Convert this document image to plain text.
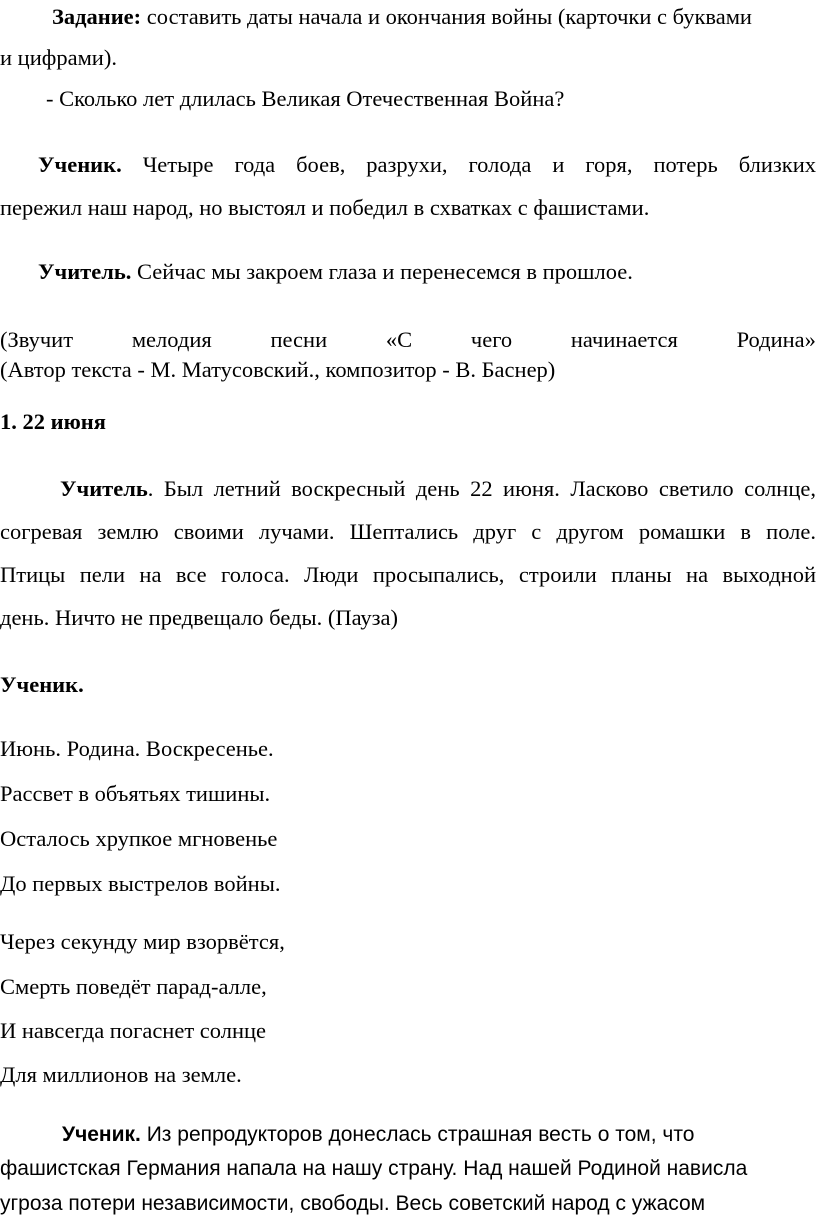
Задание: составить даты начала и окончания войны (карточки с буквами
и цифрами).
- Сколько лет длилась Великая Отечественная Война?
Ученик. Четыре года боев, разрухи, голода и горя, потерь близких
пережил наш народ, но выстоял и победил в схватках с фашистами.
Учитель. Сейчас мы закроем глаза и перенесемся в прошлое.
(Звучит	мелодия	песни	«С	чего	начинается	Родина»
(Автор текста - М. Матусовский., композитор - В. Баснер)
1. 22 июня
Учитель. Был летний воскресный день 22 июня. Ласково светило солнце,
согревая землю своими лучами. Шептались друг с другом ромашки в поле.
Птицы пели на все голоса. Люди просыпались, строили планы на выходной
день. Ничто не предвещало беды. (Пауза)
Ученик.
Июнь. Родина. Воскресенье.
Рассвет в объятьях тишины.
Осталось хрупкое мгновенье
До первых выстрелов войны.
Через секунду мир взорвётся,
Смерть поведёт парад-алле,
И навсегда погаснет солнце
Для миллионов на земле.
Ученик. Из репродукторов донеслась страшная весть о том, что
фашистская Германия напала на нашу страну. Над нашей Родиной нависла
угроза потери независимости, свободы. Весь советский народ с ужасом
